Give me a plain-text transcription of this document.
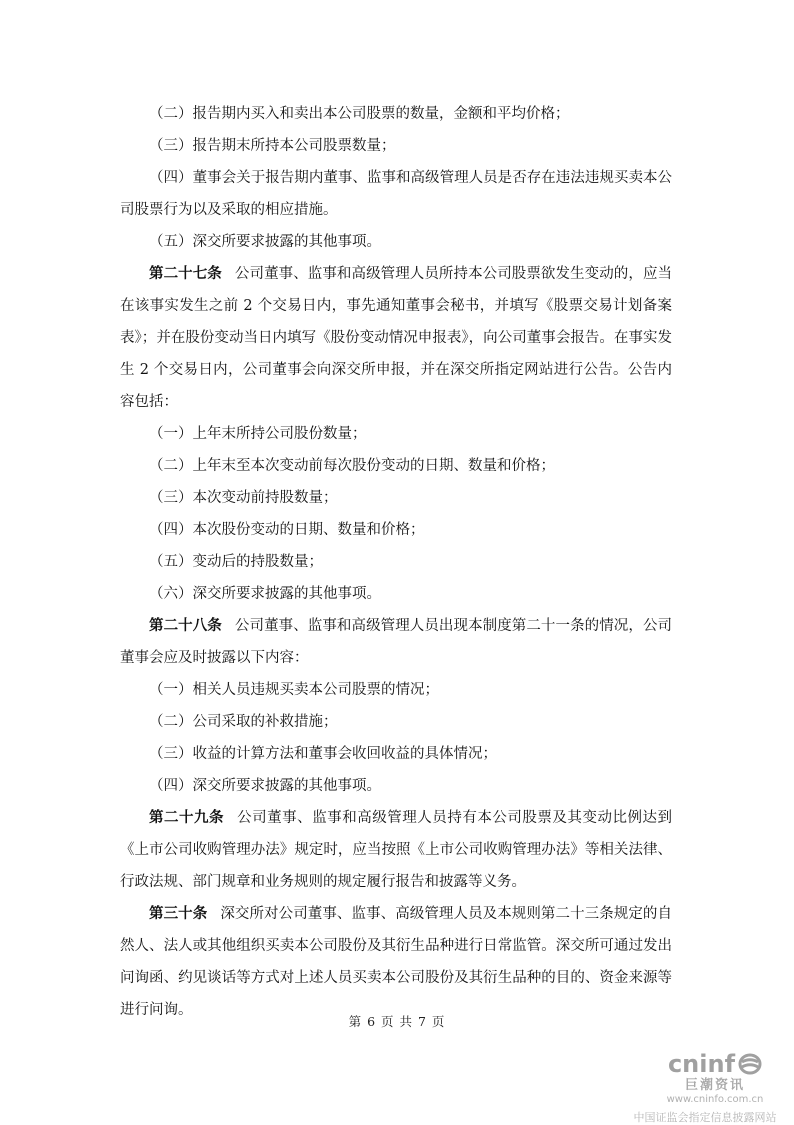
（二）报告期内买入和卖出本公司股票的数量，金额和平均价格；

（三）报告期末所持本公司股票数量；

（四）董事会关于报告期内董事、监事和高级管理人员是否存在违法违规买卖本公司股票行为以及采取的相应措施。

（五）深交所要求披露的其他事项。

第二十七条 公司董事、监事和高级管理人员所持本公司股票欲发生变动的，应当在该事实发生之前 2 个交易日内，事先通知董事会秘书，并填写《股票交易计划备案表》；并在股份变动当日内填写《股份变动情况申报表》，向公司董事会报告。在事实发生 2 个交易日内，公司董事会向深交所申报，并在深交所指定网站进行公告。公告内容包括：

（一）上年末所持公司股份数量；

（二）上年末至本次变动前每次股份变动的日期、数量和价格；

（三）本次变动前持股数量；

（四）本次股份变动的日期、数量和价格；

（五）变动后的持股数量；

（六）深交所要求披露的其他事项。

第二十八条 公司董事、监事和高级管理人员出现本制度第二十一条的情况，公司董事会应及时披露以下内容：

（一）相关人员违规买卖本公司股票的情况；

（二）公司采取的补救措施；

（三）收益的计算方法和董事会收回收益的具体情况；

（四）深交所要求披露的其他事项。

第二十九条 公司董事、监事和高级管理人员持有本公司股票及其变动比例达到《上市公司收购管理办法》规定时，应当按照《上市公司收购管理办法》等相关法律、行政法规、部门规章和业务规则的规定履行报告和披露等义务。

第三十条 深交所对公司董事、监事、高级管理人员及本规则第二十三条规定的自然人、法人或其他组织买卖本公司股份及其衍生品种进行日常监管。深交所可通过发出问询函、约见谈话等方式对上述人员买卖本公司股份及其衍生品种的目的、资金来源等进行问询。

第 6 页 共 7 页
cninf
巨潮资讯
www.cninfo.com.cn
中国证监会指定信息披露网站
